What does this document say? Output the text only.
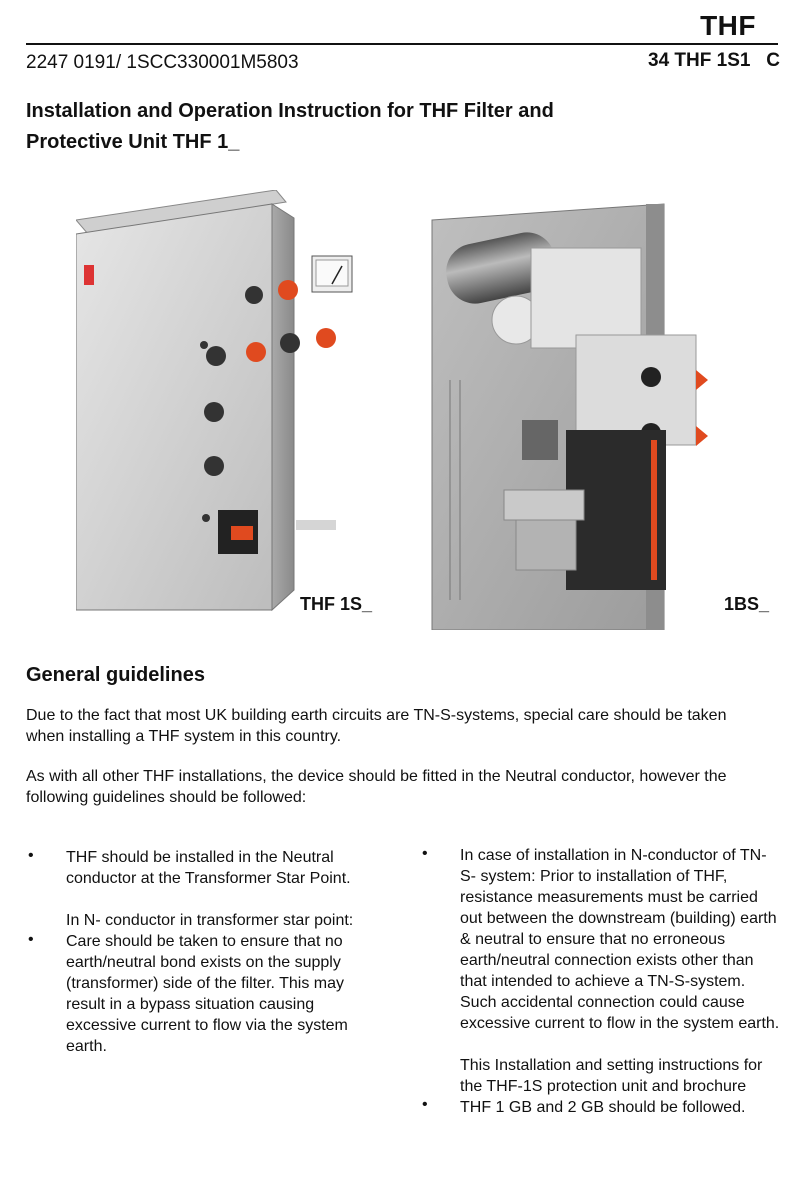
THF
2247 0191/ 1SCC330001M5803	34 THF 1S1   C
Installation and Operation Instruction for THF Filter and
Protective Unit THF 1_
THF 1S_	1BS_
General guidelines
Due to the fact that most UK building earth circuits are TN-S-systems, special care should be taken when installing a THF system in this country.
As with all other THF installations, the device should be fitted in the Neutral conductor, however the following guidelines should be followed:
•
•
•
•
THF should be installed in the Neutral conductor at the Transformer Star Point.
In N- conductor in transformer star point: Care should be taken to ensure that no earth/neutral bond exists on the supply (transformer) side of the filter. This may result in a bypass situation causing excessive current to flow via the system earth.
In case of installation in N-conductor of TN-S- system: Prior to installation of THF, resistance measurements must be carried out between the downstream (building) earth & neutral to ensure that no erroneous earth/neutral connection exists other than that intended to achieve a TN-S-system. Such accidental connection could cause excessive current to flow in the system earth.
This Installation and setting instructions for the THF-1S protection unit and brochure THF 1 GB and 2 GB should be followed.
